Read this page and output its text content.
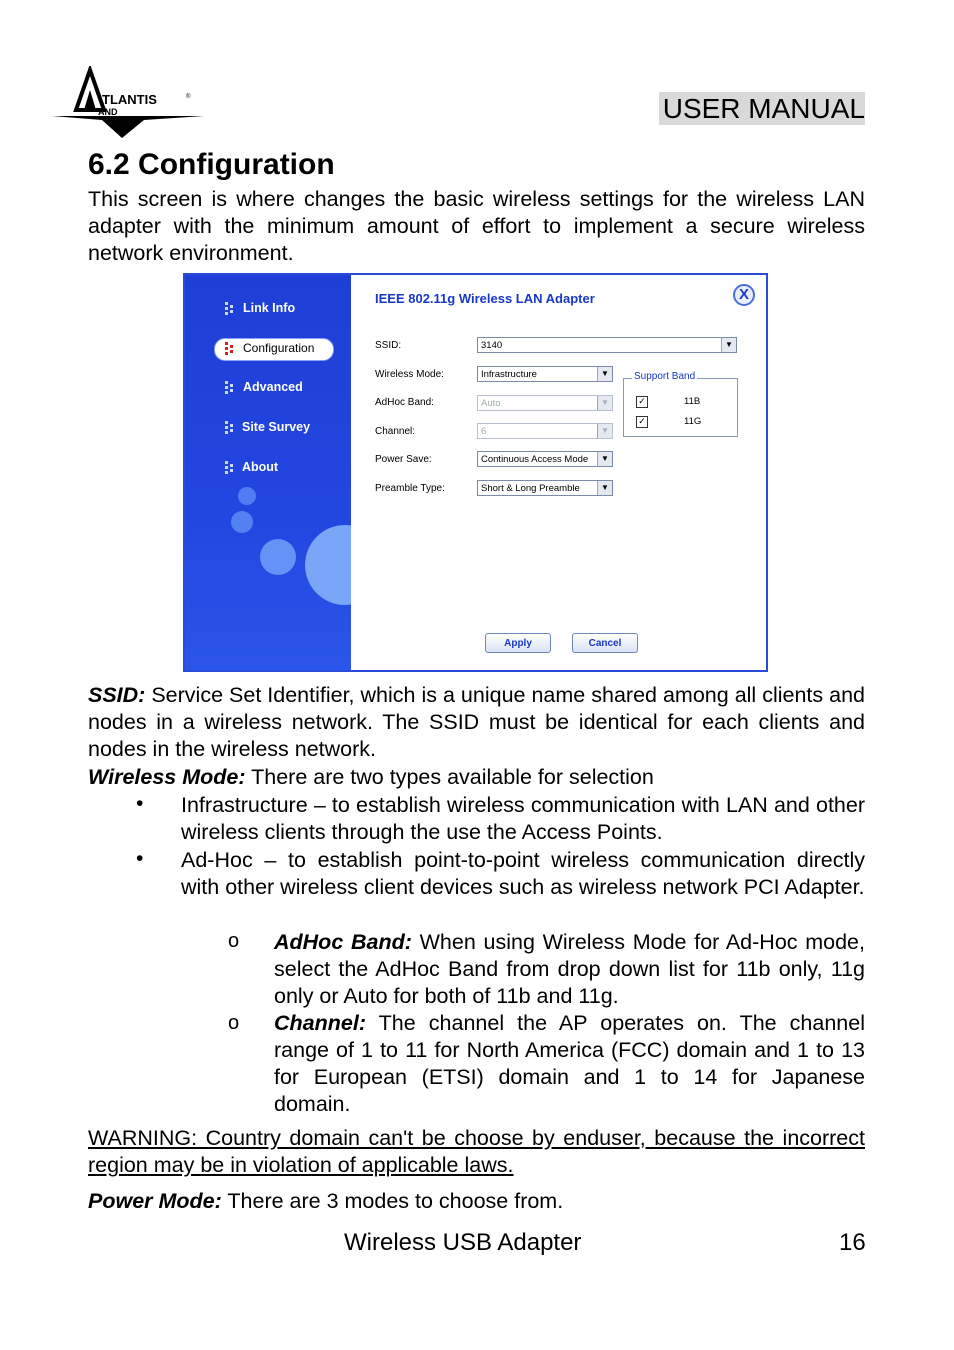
TLANTIS	®
AND	USER MANUAL
6.2 Configuration
This screen is where changes the basic wireless settings for the wireless LAN adapter with the minimum amount of effort to implement a secure wireless network environment.
Link Info
Configuration
Advanced
Site Survey
About
IEEE 802.11g Wireless LAN Adapter	X
SSID:	3140	▼
Wireless Mode:	Infrastructure	▼
AdHoc Band:	Auto	▼
Channel:	6	▼
Power Save:	Continuous Access Mode	▼
Preamble Type:	Short & Long Preamble	▼
Support Band
✓	11B
✓	11G
Apply	Cancel
SSID: Service Set Identifier, which is a unique name shared among all clients and nodes in a wireless network. The SSID must be identical for each clients and nodes in the wireless network.
Wireless Mode: There are two types available for selection
• Infrastructure – to establish wireless communication with LAN and other wireless clients through the use the Access Points.
• Ad-Hoc – to establish point-to-point wireless communication directly with other wireless client devices such as wireless network PCI Adapter.
o AdHoc Band: When using Wireless Mode for Ad-Hoc mode, select the AdHoc Band from drop down list for 11b only, 11g only or Auto for both of 11b and 11g.
o Channel: The channel the AP operates on. The channel range of 1 to 11 for North America (FCC) domain and 1 to 13 for European (ETSI) domain and 1 to 14 for Japanese domain.
WARNING: Country domain can't be choose by enduser, because the incorrect region may be in violation of applicable laws.
Power Mode: There are 3 modes to choose from.
Wireless USB Adapter	16
